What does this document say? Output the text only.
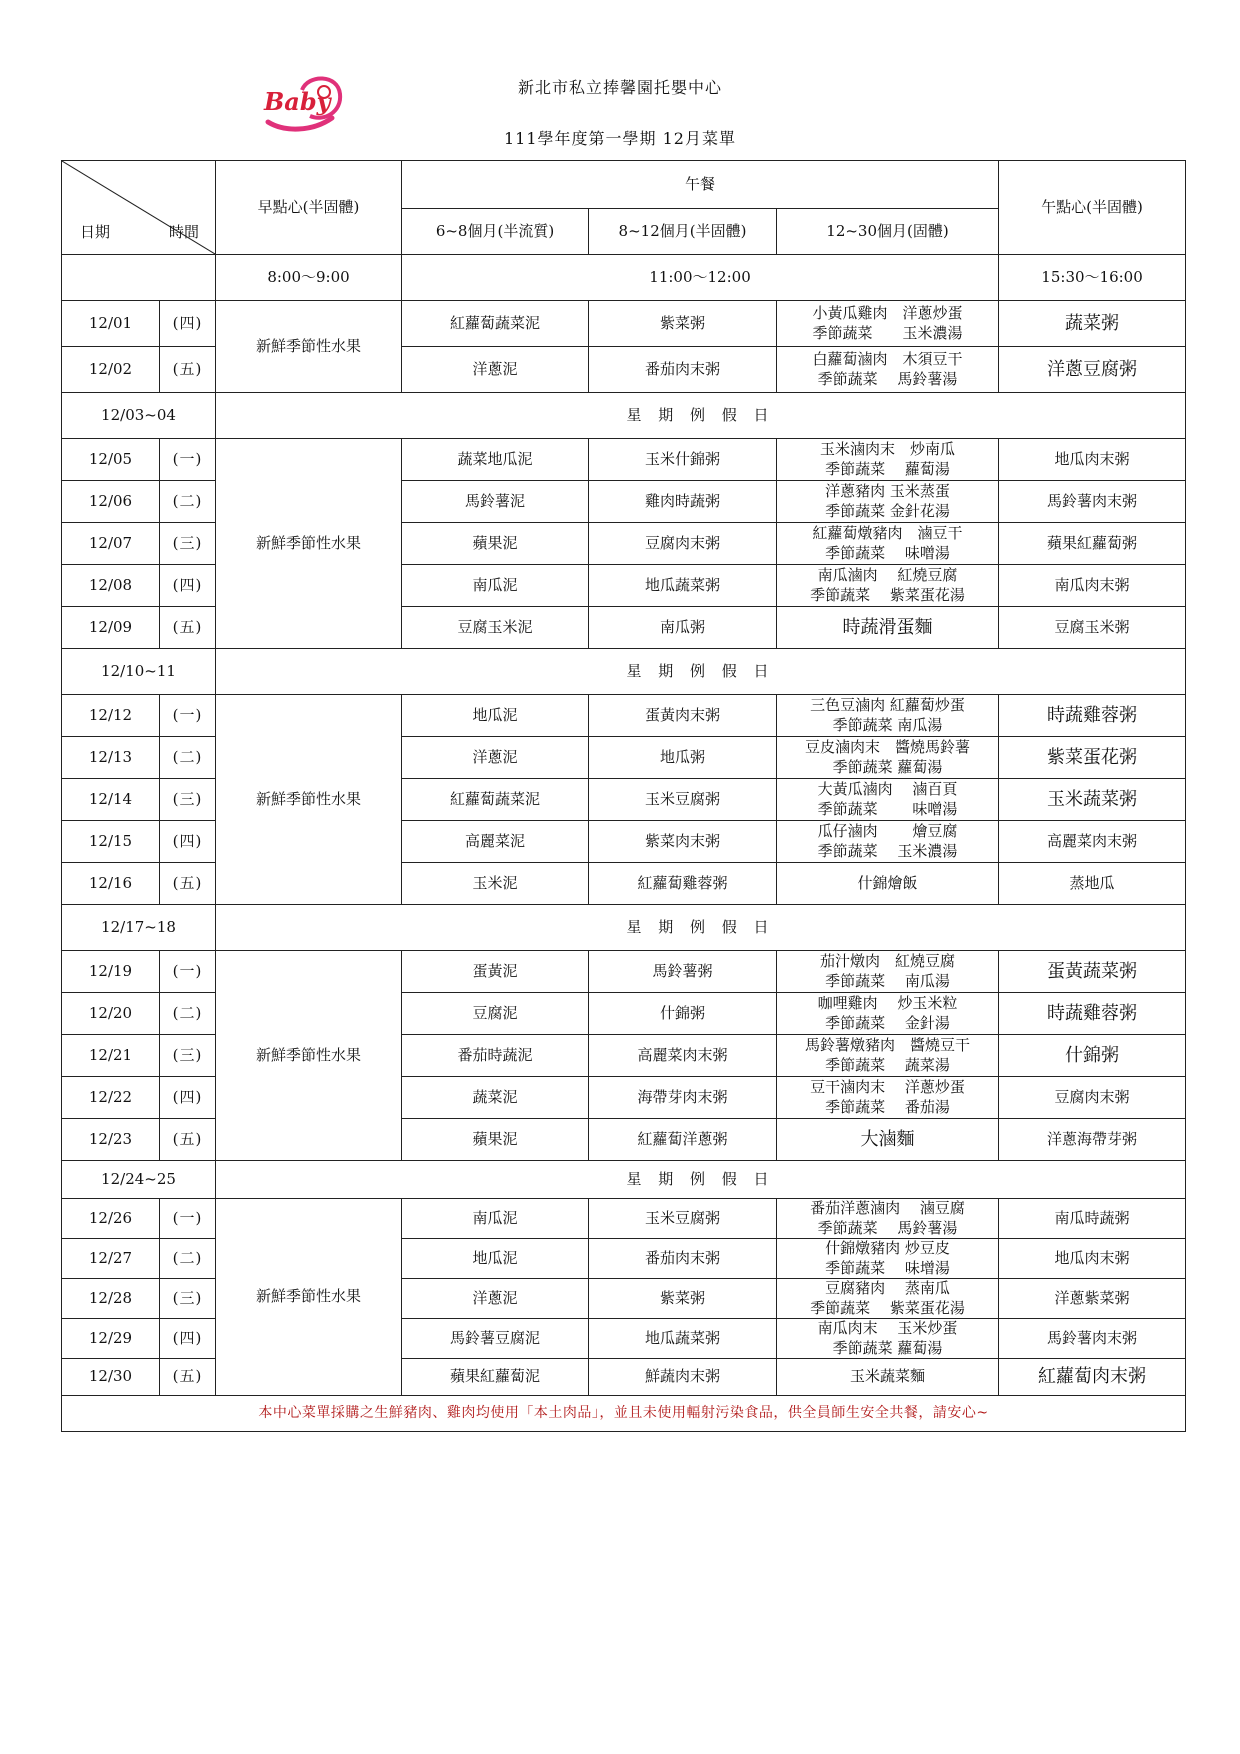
Baby	新北市私立捧馨園托嬰中心
111學年度第一學期 12月菜單
日期 時間		早點心(半固體)	午餐			午點心(半固體)
			6~8個月(半流質)	8~12個月(半固體)	12~30個月(固體)	
		8:00～9:00	11:00～12:00			15:30～16:00
12/01	(四)	新鮮季節性水果	紅蘿蔔蔬菜泥	紫菜粥	小黃瓜雞肉　洋蔥炒蛋
季節蔬菜　　玉米濃湯	蔬菜粥
12/02	(五)		洋蔥泥	番茄肉末粥	白蘿蔔滷肉　木須豆干
季節蔬菜　 馬鈴薯湯	洋蔥豆腐粥
12/03~04		星 期 例 假 日				
12/05	(一)	新鮮季節性水果	蔬菜地瓜泥	玉米什錦粥	玉米滷肉末　炒南瓜
季節蔬菜　 蘿蔔湯	地瓜肉末粥
12/06	(二)		馬鈴薯泥	雞肉時蔬粥	洋蔥豬肉 玉米蒸蛋
季節蔬菜 金針花湯	馬鈴薯肉末粥
12/07	(三)		蘋果泥	豆腐肉末粥	紅蘿蔔燉豬肉　滷豆干
季節蔬菜　 味噌湯	蘋果紅蘿蔔粥
12/08	(四)		南瓜泥	地瓜蔬菜粥	南瓜滷肉　 紅燒豆腐
季節蔬菜　 紫菜蛋花湯	南瓜肉末粥
12/09	(五)		豆腐玉米泥	南瓜粥	時蔬滑蛋麵	豆腐玉米粥
12/10~11		星 期 例 假 日				
12/12	(一)	新鮮季節性水果	地瓜泥	蛋黃肉末粥	三色豆滷肉 紅蘿蔔炒蛋
季節蔬菜 南瓜湯	時蔬雞蓉粥
12/13	(二)		洋蔥泥	地瓜粥	豆皮滷肉末　醬燒馬鈴薯
季節蔬菜 蘿蔔湯	紫菜蛋花粥
12/14	(三)		紅蘿蔔蔬菜泥	玉米豆腐粥	大黃瓜滷肉　 滷百頁
季節蔬菜　　 味噌湯	玉米蔬菜粥
12/15	(四)		高麗菜泥	紫菜肉末粥	瓜仔滷肉　　 燴豆腐
季節蔬菜　 玉米濃湯	高麗菜肉末粥
12/16	(五)		玉米泥	紅蘿蔔雞蓉粥	什錦燴飯	蒸地瓜
12/17~18		星 期 例 假 日				
12/19	(一)	新鮮季節性水果	蛋黃泥	馬鈴薯粥	茄汁燉肉　紅燒豆腐
季節蔬菜　 南瓜湯	蛋黃蔬菜粥
12/20	(二)		豆腐泥	什錦粥	咖哩雞肉　 炒玉米粒
季節蔬菜　 金針湯	時蔬雞蓉粥
12/21	(三)		番茄時蔬泥	高麗菜肉末粥	馬鈴薯燉豬肉　醬燒豆干
季節蔬菜　 蔬菜湯	什錦粥
12/22	(四)		蔬菜泥	海帶芽肉末粥	豆干滷肉末　 洋蔥炒蛋
季節蔬菜　 番茄湯	豆腐肉末粥
12/23	(五)		蘋果泥	紅蘿蔔洋蔥粥	大滷麵	洋蔥海帶芽粥
12/24~25		星 期 例 假 日				
12/26	(一)	新鮮季節性水果	南瓜泥	玉米豆腐粥	番茄洋蔥滷肉　 滷豆腐
季節蔬菜　 馬鈴薯湯	南瓜時蔬粥
12/27	(二)		地瓜泥	番茄肉末粥	什錦燉豬肉 炒豆皮
季節蔬菜　 味增湯	地瓜肉末粥
12/28	(三)		洋蔥泥	紫菜粥	豆腐豬肉　 蒸南瓜
季節蔬菜　 紫菜蛋花湯	洋蔥紫菜粥
12/29	(四)		馬鈴薯豆腐泥	地瓜蔬菜粥	南瓜肉末　 玉米炒蛋
季節蔬菜 蘿蔔湯	馬鈴薯肉末粥
12/30	(五)		蘋果紅蘿蔔泥	鮮蔬肉末粥	玉米蔬菜麵	紅蘿蔔肉末粥
本中心菜單採購之生鮮豬肉、雞肉均使用「本土肉品」，並且未使用輻射污染食品，供全員師生安全共餐，請安心~						
